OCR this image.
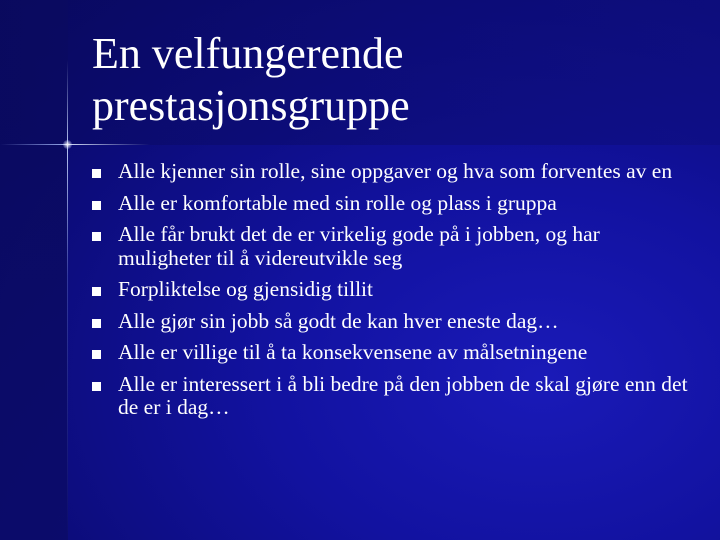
En velfungerende
prestasjonsgruppe
Alle kjenner sin rolle, sine oppgaver og hva som forventes av en
Alle er komfortable med sin rolle og plass i gruppa
Alle får brukt det de er virkelig gode på i jobben, og har muligheter til å videreutvikle seg
Forpliktelse og gjensidig tillit
Alle gjør sin jobb så godt de kan hver eneste dag…
Alle er villige til å ta konsekvensene av målsetningene
Alle er interessert i å bli bedre på den jobben de skal gjøre enn det de er i dag…
